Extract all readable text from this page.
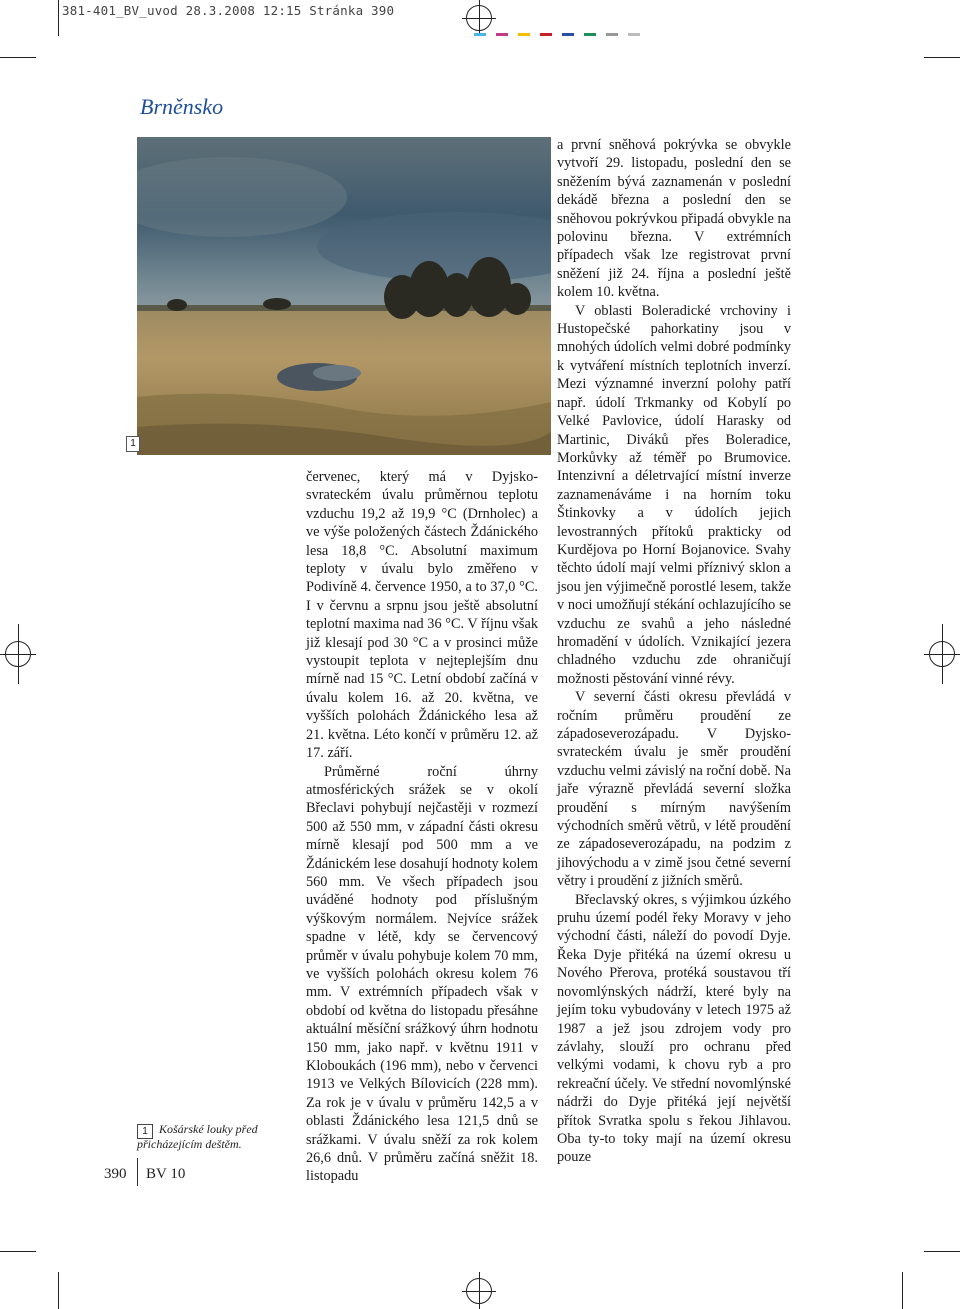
381-401_BV_uvod 28.3.2008 12:15 Stránka 390
Brněnsko
1
Košárské louky před přicházejícím deštěm.
1

červenec, který má v Dyjsko-svrateckém úvalu průměrnou teplotu vzduchu 19,2 až 19,9 °C (Drnholec) a ve výše položených částech Ždánického lesa 18,8 °C. Absolutní maximum teploty v úvalu bylo změřeno v Podivíně 4. července 1950, a to 37,0 °C. I v červnu a srpnu jsou ještě absolutní teplotní maxima nad 36 °C. V říjnu však již klesají pod 30 °C a v prosinci může vystoupit teplota v nejteplejším dnu mírně nad 15 °C. Letní období začíná v úvalu kolem 16. až 20. května, ve vyšších polohách Ždánického lesa až 21. května. Léto končí v průměru 12. až 17. září.

Průměrné roční úhrny atmosférických srážek se v okolí Břeclavi pohybují nejčastěji v rozmezí 500 až 550 mm, v západní části okresu mírně klesají pod 500 mm a ve Ždánickém lese dosahují hodnoty kolem 560 mm. Ve všech případech jsou uváděné hodnoty pod příslušným výškovým normálem. Nejvíce srážek spadne v létě, kdy se červencový průměr v úvalu pohybuje kolem 70 mm, ve vyšších polohách okresu kolem 76 mm. V extrémních případech však v období od května do listopadu přesáhne aktuální měsíční srážkový úhrn hodnotu 150 mm, jako např. v květnu 1911 v Kloboukách (196 mm), nebo v červenci 1913 ve Velkých Bílovicích (228 mm). Za rok je v úvalu v průměru 142,5 a v oblasti Ždánického lesa 121,5 dnů se srážkami. V úvalu sněží za rok kolem 26,6 dnů. V průměru začíná sněžit 18. listopadu

a první sněhová pokrývka se obvykle vytvoří 29. listopadu, poslední den se sněžením bývá zaznamenán v poslední dekádě března a poslední den se sněhovou pokrývkou připadá obvykle na polovinu března. V extrémních případech však lze registrovat první sněžení již 24. října a poslední ještě kolem 10. května.

V oblasti Boleradické vrchoviny i Hustopečské pahorkatiny jsou v mnohých údolích velmi dobré podmínky k vytváření místních teplotních inverzí. Mezi významné inverzní polohy patří např. údolí Trkmanky od Kobylí po Velké Pavlovice, údolí Harasky od Martinic, Diváků přes Boleradice, Morkůvky až téměř po Brumovice. Intenzivní a déletrvající místní inverze zaznamenáváme i na horním toku Štinkovky a v údolích jejich levostranných přítoků prakticky od Kurdějova po Horní Bojanovice. Svahy těchto údolí mají velmi příznivý sklon a jsou jen výjimečně porostlé lesem, takže v noci umožňují stékání ochlazujícího se vzduchu ze svahů a jeho následné hromadění v údolích. Vznikající jezera chladného vzduchu zde ohraničují možnosti pěstování vinné révy.

V severní části okresu převládá v ročním průměru proudění ze západoseverozápadu. V Dyjsko-svrateckém úvalu je směr proudění vzduchu velmi závislý na roční době. Na jaře výrazně převládá severní složka proudění s mírným navýšením východních směrů větrů, v létě proudění ze západoseverozápadu, na podzim z jihovýchodu a v zimě jsou četné severní větry i proudění z jižních směrů.

Břeclavský okres, s výjimkou úzkého pruhu území podél řeky Moravy v jeho východní části, náleží do povodí Dyje. Řeka Dyje přitéká na území okresu u Nového Přerova, protéká soustavou tří novomlýnských nádrží, které byly na jejím toku vybudovány v letech 1975 až 1987 a jež jsou zdrojem vody pro závlahy, slouží pro ochranu před velkými vodami, k chovu ryb a pro rekreační účely. Ve střední novomlýnské nádrži do Dyje přitéká její největší přítok Svratka spolu s řekou Jihlavou. Oba ty-to toky mají na území okresu pouze

390 BV 10
